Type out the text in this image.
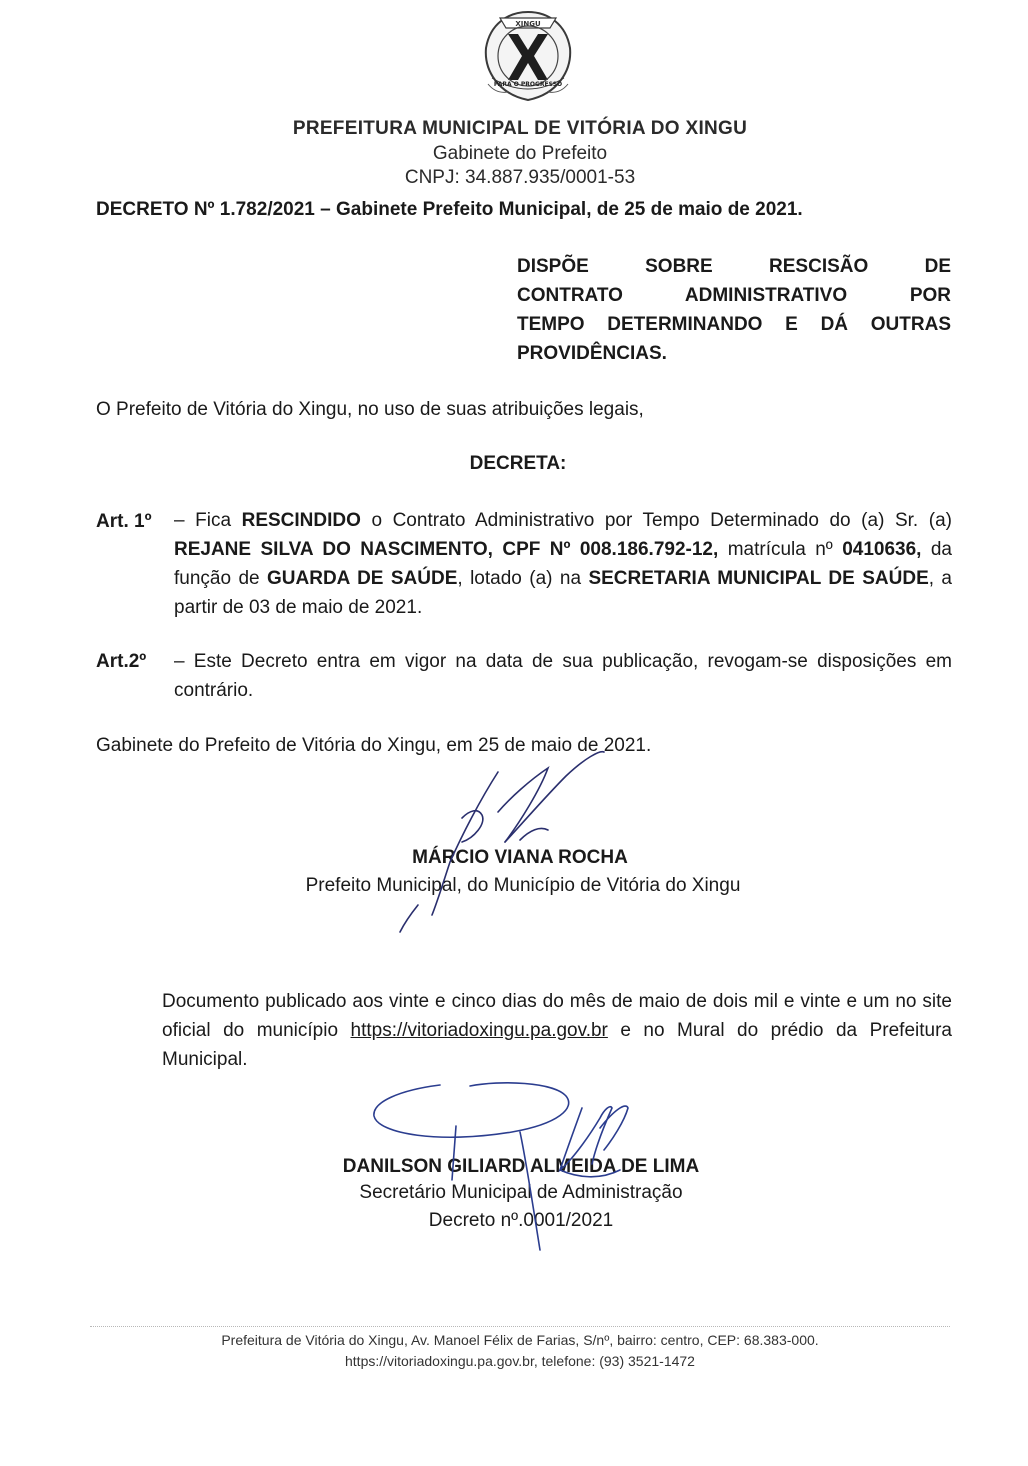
XINGU
PARA O PROGRESSO
PREFEITURA MUNICIPAL DE VITÓRIA DO XINGU
Gabinete do Prefeito
CNPJ: 34.887.935/0001-53
DECRETO Nº 1.782/2021 – Gabinete Prefeito Municipal, de 25 de maio de 2021.
DISPÕE SOBRE RESCISÃO DE
CONTRATO ADMINISTRATIVO POR
TEMPO DETERMINANDO E DÁ OUTRAS
PROVIDÊNCIAS.
O Prefeito de Vitória do Xingu, no uso de suas atribuições legais,
DECRETA:
Art. 1º – Fica RESCINDIDO o Contrato Administrativo por Tempo Determinado do (a) Sr. (a) REJANE SILVA DO NASCIMENTO, CPF Nº 008.186.792-12, matrícula nº 0410636, da função de GUARDA DE SAÚDE, lotado (a) na SECRETARIA MUNICIPAL DE SAÚDE, a partir de 03 de maio de 2021.
Art.2º – Este Decreto entra em vigor na data de sua publicação, revogam-se disposições em contrário.
Gabinete do Prefeito de Vitória do Xingu, em 25 de maio de 2021.
MÁRCIO VIANA ROCHA
Prefeito Municipal, do Município de Vitória do Xingu
Documento publicado aos vinte e cinco dias do mês de maio de dois mil e vinte e um no site oficial do município https://vitoriadoxingu.pa.gov.br e no Mural do prédio da Prefeitura Municipal.
DANILSON GILIARD ALMEIDA DE LIMA
Secretário Municipal de Administração
Decreto nº.0001/2021
Prefeitura de Vitória do Xingu, Av. Manoel Félix de Farias, S/nº, bairro: centro, CEP: 68.383-000.
https://vitoriadoxingu.pa.gov.br, telefone: (93) 3521-1472
